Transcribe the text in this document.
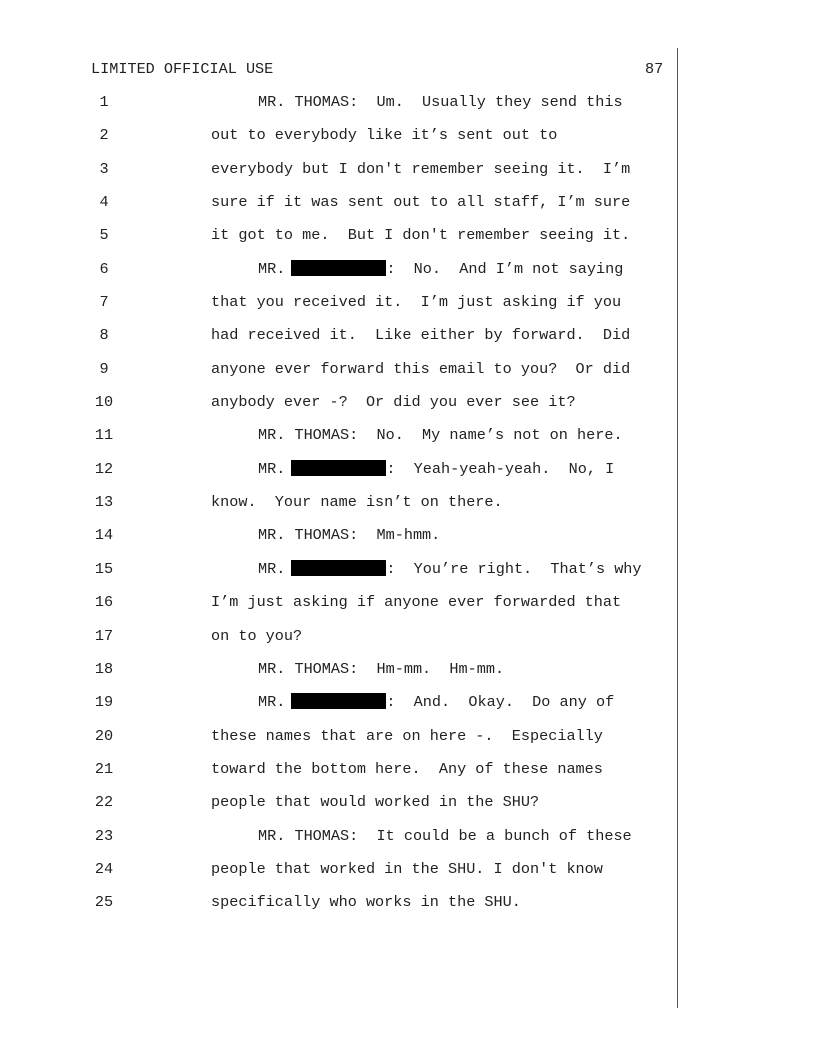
LIMITED OFFICIAL USE	87
1	MR. THOMAS:  Um.  Usually they send this
2	out to everybody like it’s sent out to
3	everybody but I don't remember seeing it.  I’m
4	sure if it was sent out to all staff, I’m sure
5	it got to me.  But I don't remember seeing it.
6	MR.	:  No.  And I’m not saying
7	that you received it.  I’m just asking if you
8	had received it.  Like either by forward.  Did
9	anyone ever forward this email to you?  Or did
10	anybody ever -?  Or did you ever see it?
11	MR. THOMAS:  No.  My name’s not on here.
12	MR.	:  Yeah-yeah-yeah.  No, I
13	know.  Your name isn’t on there.
14	MR. THOMAS:  Mm-hmm.
15	MR.	:  You’re right.  That’s why
16	I’m just asking if anyone ever forwarded that
17	on to you?
18	MR. THOMAS:  Hm-mm.  Hm-mm.
19	MR.	:  And.  Okay.  Do any of
20	these names that are on here -.  Especially
21	toward the bottom here.  Any of these names
22	people that would worked in the SHU?
23	MR. THOMAS:  It could be a bunch of these
24	people that worked in the SHU. I don't know
25	specifically who works in the SHU.
